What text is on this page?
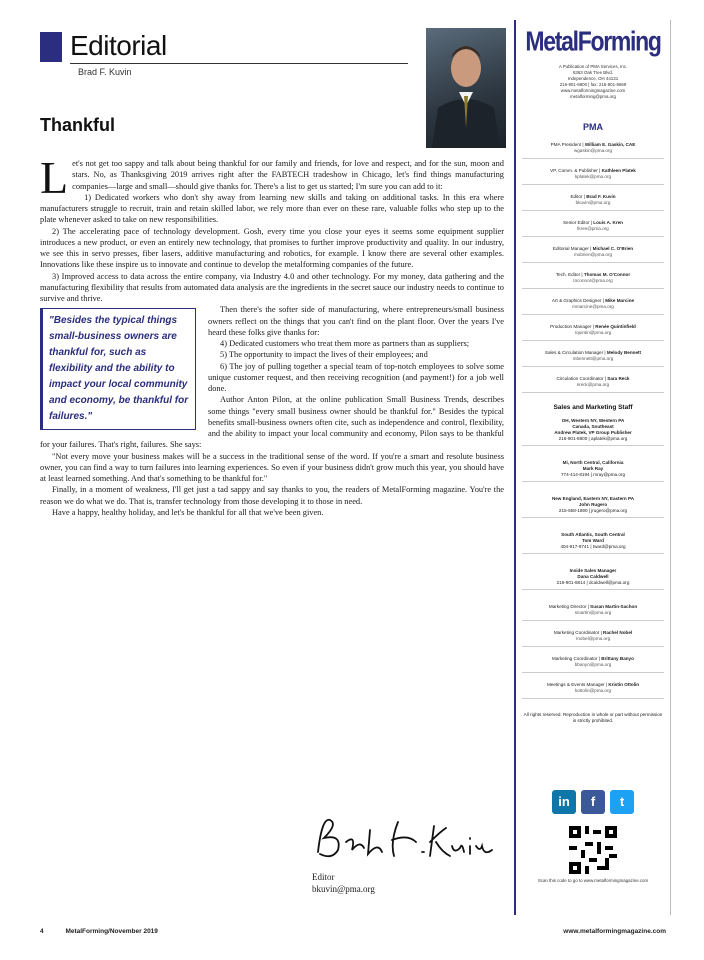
Editorial
Brad F. Kuvin
Thankful

Let's not get too sappy and talk about being thankful for our family and friends, for love and respect, and for the sun, moon and stars. No, as Thanksgiving 2019 arrives right after the FABTECH tradeshow in Chicago, let's find things manufacturing companies—large and small—should give thanks for. There's a list to get us started; I'm sure you can add to it:

1) Dedicated workers who don't shy away from learning new skills and taking on additional tasks. In this era where manufacturers struggle to recruit, train and retain skilled labor, we rely more than ever on these rare, valuable folks who step up to the plate whenever asked to take on new responsibilities.

2) The accelerating pace of technology development. Gosh, every time you close your eyes it seems some equipment supplier introduces a new product, or even an entirely new technology, that promises to further improve productivity and quality. In our industry, we see this in servo presses, fiber lasers, additive manufacturing and robotics, for example. I know there are several other examples. Innovations like these inspire us to innovate and continue to develop the metalforming companies of the future.

3) Improved access to data across the entire company, via Industry 4.0 and other technology. For my money, data gathering and the manufacturing flexibility that results from automated data analysis are the ingredients in the secret sauce our industry needs to continue to survive and thrive.

"Besides the typical things small-business owners are thankful for, such as flexibility and the ability to impact your local community and economy, be thankful for failures."

Then there's the softer side of manufacturing, where entrepreneurs/small business owners reflect on the things that you can't find on the plant floor. Over the years I've heard these folks give thanks for:

4) Dedicated customers who treat them more as partners than as suppliers;

5) The opportunity to impact the lives of their employees; and

6) The joy of pulling together a special team of top-notch employees to solve some unique customer request, and then receiving recognition (and payment!) for a job well done.

Author Anton Pilon, at the online publication Small Business Trends, describes some things "every small business owner should be thankful for." Besides the typical benefits small-business owners often cite, such as independence and control, flexibility, and the ability to impact your local community and economy, Pilon says to be thankful for your failures. That's right, failures. She says:

"Not every move your business makes will be a success in the traditional sense of the word. If you're a smart and resolute business owner, you can find a way to turn failures into learning experiences. So even if your business didn't grow much this year, you should have at least learned something. And that's something to be thankful for."

Finally, in a moment of weakness, I'll get just a tad sappy and say thanks to you, the readers of MetalForming magazine. You're the reason we do what we do. That is, transfer technology from those developing it to those in need.

Have a happy, healthy holiday, and let's be thankful for all that we've been given.

Editor
bkuvin@pma.org
4	MetalForming/November 2019	www.metalformingmagazine.com
MetalForming
A Publication of PMA Services, Inc.
6363 Oak Tree Blvd.
Independence, OH 44131
216-901-8800 | fax: 216-901-9669
www.metalformingmagazine.com
metalforming@pma.org
PMA
PMA President | William E. Gaskin, CAE
wgaskin@pma.org
VP, Comm. & Publisher | Kathleen Platek
kplatek@pma.org
Editor | Brad F. Kuvin
bkuvin@pma.org
Senior Editor | Louis A. Kren
lkren@pma.org
Editorial Manager | Michael C. O'Brien
mobrien@pma.org
Tech. Editor | Thomas M. O'Connor
toconnor@pma.org
Art & Graphics Designer | Mike Marcine
mmarcine@pma.org
Production Manager | Renée Quintinfield
rquintin@pma.org
Sales & Circulation Manager | Melody Bennett
mbennett@pma.org
Circulation Coordinator | Sara Reck
sreck@pma.org
Sales and Marketing Staff
OH, Western NY, Western PA
Canada, Southeast
Andrew Platek, VP Group Publisher
216-901-8800 | aplatek@pma.org
Mi, North Central, California
Mark Ray
774-414-8194 | mray@pma.org
New England, Eastern NY, Eastern PA
John Rugero
215-558-1890 | jrugero@pma.org
South Atlantic, South Central
Tom Ward
404-917-8741 | tward@pma.org
Inside Sales Manager
Dana Caldwell
216-901-8814 | dcaldwell@pma.org
Marketing Director | Susan Martin-Sachon
smartin@pma.org
Marketing Coordinator | Rachel Nobel
rnobel@pma.org
Marketing Coordinator | Brittany Banyo
bbanyo@pma.org
Meetings & Events Manager | Kristin Ottolin
kottolin@pma.org
All rights reserved. Reproduction in whole or part without permission is strictly prohibited.
in	f	t
Scan this code to go to www.metalformingmagazine.com
